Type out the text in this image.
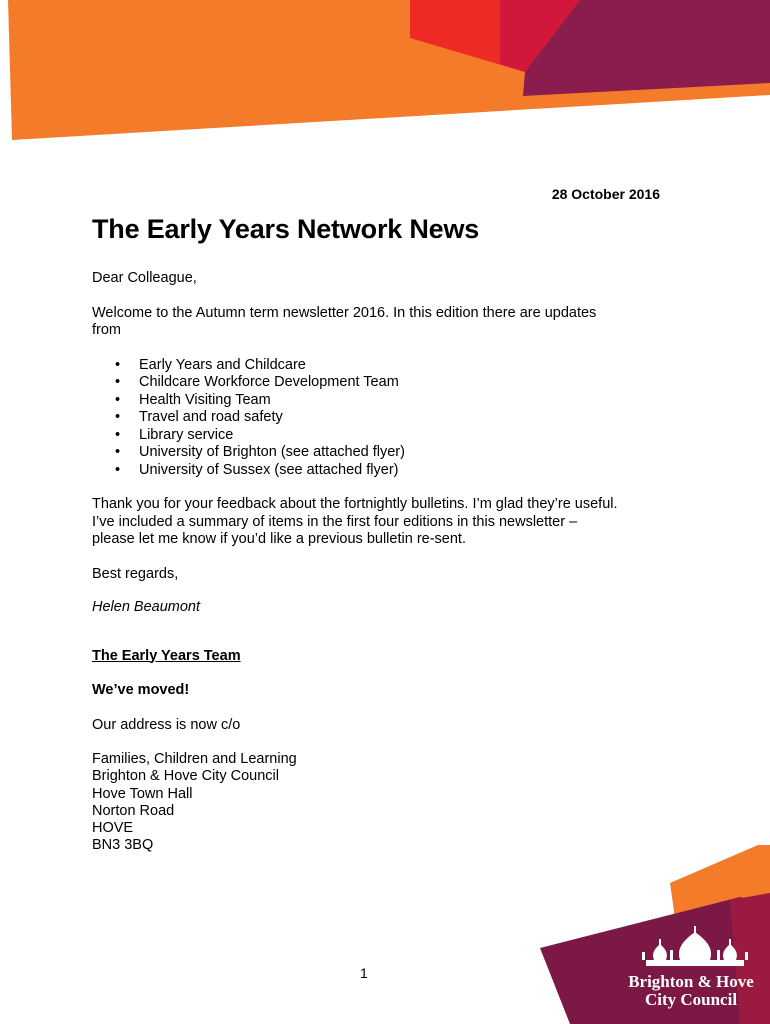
28 October 2016
The Early Years Network News

Dear Colleague,

Welcome to the Autumn term newsletter 2016. In this edition there are updates

from

• Early Years and Childcare
• Childcare Workforce Development Team
• Health Visiting Team
• Travel and road safety
• Library service
• University of Brighton (see attached flyer)
• University of Sussex (see attached flyer)

Thank you for your feedback about the fortnightly bulletins. I’m glad they’re useful.

I’ve included a summary of items in the first four editions in this newsletter –

please let me know if you’d like a previous bulletin re-sent.

Best regards,

Helen Beaumont

The Early Years Team

We’ve moved!

Our address is now c/o

Families, Children and Learning
Brighton & Hove City Council
Hove Town Hall
Norton Road
HOVE
BN3 3BQ
1	Brighton & Hove
City Council
